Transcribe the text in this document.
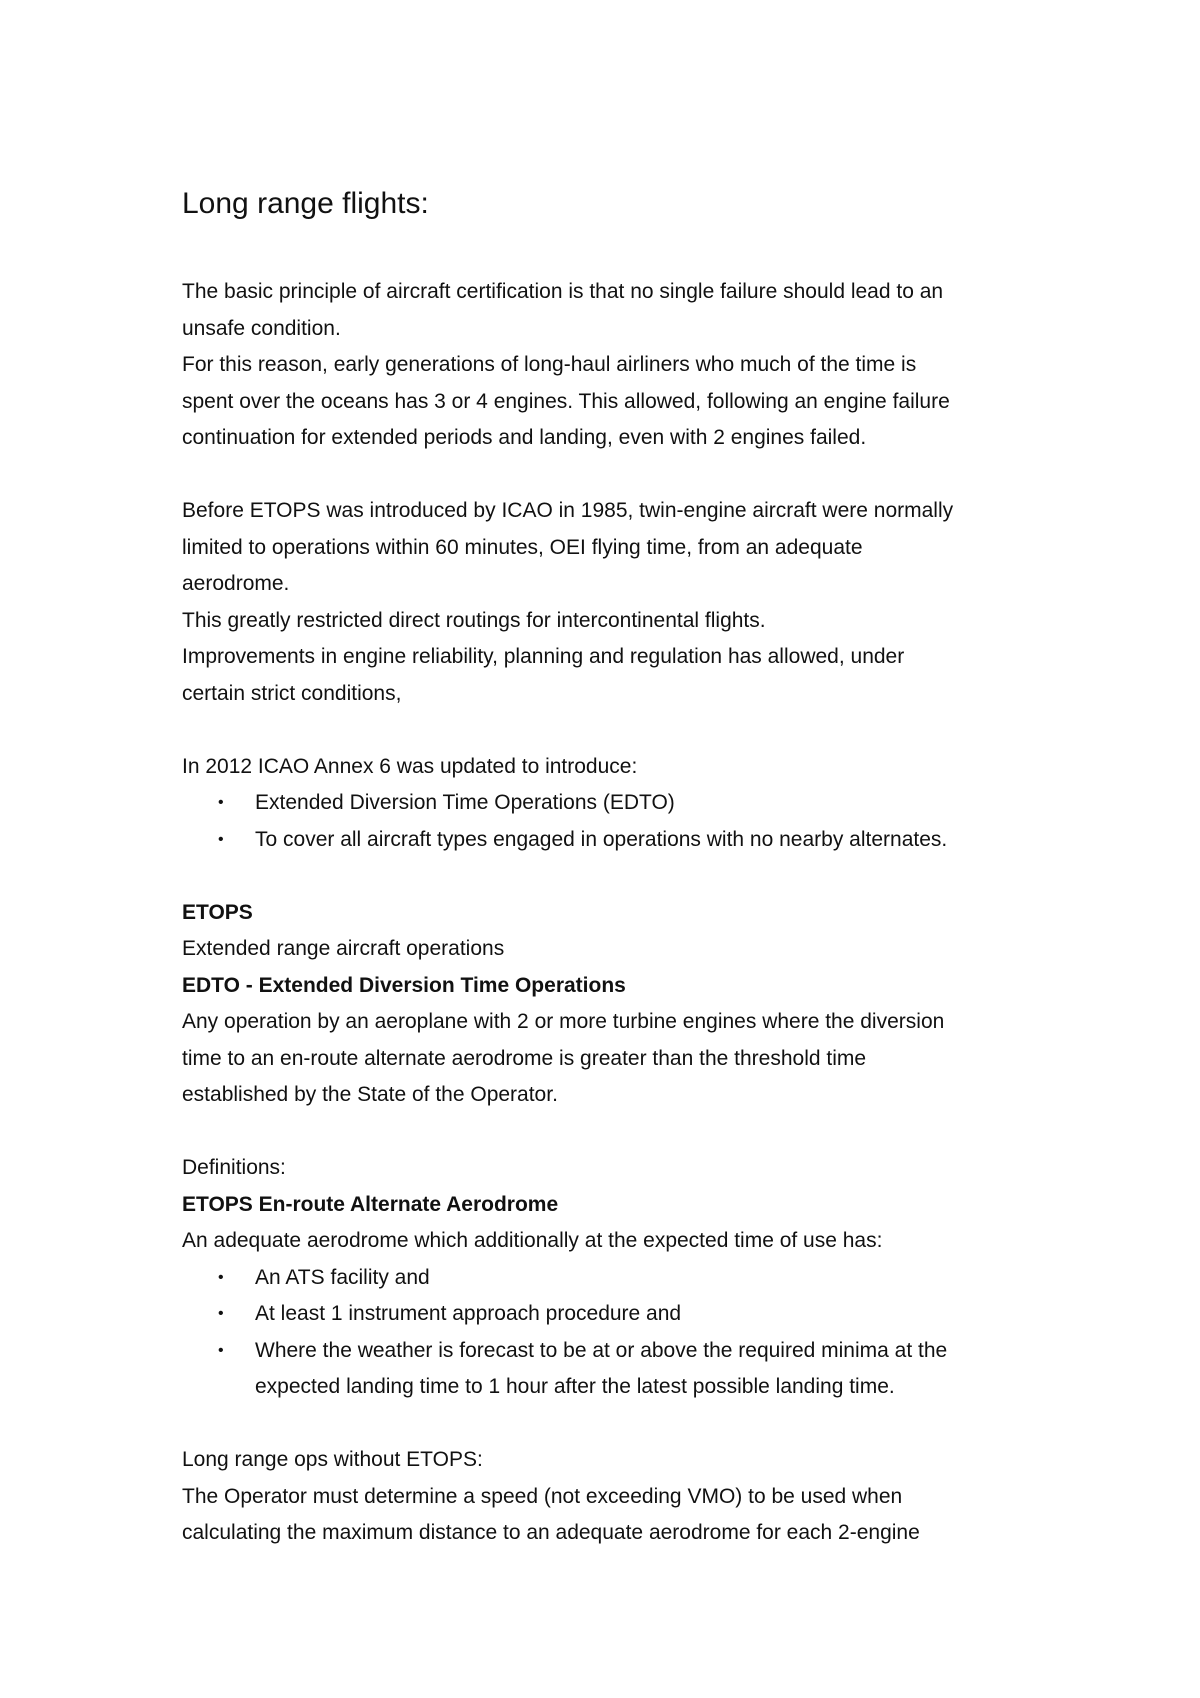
Long range flights:

The basic principle of aircraft certification is that no single failure should lead to an

unsafe condition.

For this reason, early generations of long-haul airliners who much of the time is

spent over the oceans has 3 or 4 engines. This allowed, following an engine failure

continuation for extended periods and landing, even with 2 engines failed.

Before ETOPS was introduced by ICAO in 1985, twin-engine aircraft were normally

limited to operations within 60 minutes, OEI flying time, from an adequate

aerodrome.

This greatly restricted direct routings for intercontinental flights.

Improvements in engine reliability, planning and regulation has allowed, under

certain strict conditions,

In 2012 ICAO Annex 6 was updated to introduce:

• Extended Diversion Time Operations (EDTO)
• To cover all aircraft types engaged in operations with no nearby alternates.

ETOPS

Extended range aircraft operations

EDTO - Extended Diversion Time Operations

Any operation by an aeroplane with 2 or more turbine engines where the diversion

time to an en-route alternate aerodrome is greater than the threshold time

established by the State of the Operator.

Definitions:

ETOPS En-route Alternate Aerodrome

An adequate aerodrome which additionally at the expected time of use has:

• An ATS facility and
• At least 1 instrument approach procedure and
• Where the weather is forecast to be at or above the required minima at the
expected landing time to 1 hour after the latest possible landing time.

Long range ops without ETOPS:

The Operator must determine a speed (not exceeding VMO) to be used when

calculating the maximum distance to an adequate aerodrome for each 2-engine
